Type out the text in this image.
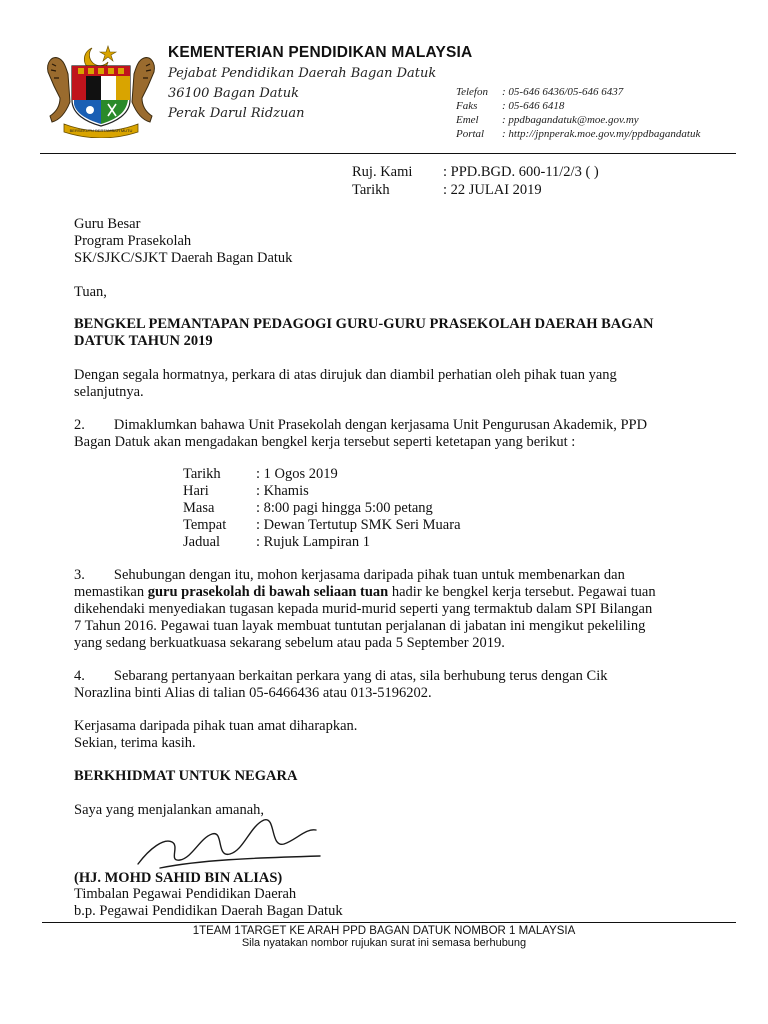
BERSEKUTU BERTAMBAH MUTU
KEMENTERIAN PENDIDIKAN MALAYSIA
Pejabat Pendidikan Daerah Bagan Datuk
36100 Bagan Datuk
Perak Darul Ridzuan
Telefon : 05-646 6436/05-646 6437
Faks : 05-646 6418
Emel : ppdbagandatuk@moe.gov.my
Portal : http://jpnperak.moe.gov.my/ppdbagandatuk
Ruj. Kami : PPD.BGD. 600-11/2/3 ( )
Tarikh	: 22 JULAI 2019
Guru Besar
Program Prasekolah
SK/SJKC/SJKT Daerah Bagan Datuk
Tuan,
BENGKEL PEMANTAPAN PEDAGOGI GURU-GURU PRASEKOLAH DAERAH BAGAN
DATUK TAHUN 2019
Dengan segala hormatnya, perkara di atas dirujuk dan diambil perhatian oleh pihak tuan yang
selanjutnya.
2.        Dimaklumkan bahawa Unit Prasekolah dengan kerjasama Unit Pengurusan Akademik, PPD
Bagan Datuk akan mengadakan bengkel kerja tersebut seperti ketetapan yang berikut :
Tarikh : 1 Ogos 2019
Hari	: Khamis
Masa	: 8:00 pagi hingga 5:00 petang
Tempat : Dewan Tertutup SMK Seri Muara
Jadual : Rujuk Lampiran 1
3.        Sehubungan dengan itu, mohon kerjasama daripada pihak tuan untuk membenarkan dan
memastikan guru prasekolah di bawah seliaan tuan hadir ke bengkel kerja tersebut. Pegawai tuan
dikehendaki menyediakan tugasan kepada murid-murid seperti yang termaktub dalam SPI Bilangan
7 Tahun 2016. Pegawai tuan layak membuat tuntutan perjalanan di jabatan ini mengikut pekeliling
yang sedang berkuatkuasa sekarang sebelum atau pada 5 September 2019.
4.        Sebarang pertanyaan berkaitan perkara yang di atas, sila berhubung terus dengan Cik
Norazlina binti Alias di talian 05-6466436 atau 013-5196202.
Kerjasama daripada pihak tuan amat diharapkan.
Sekian, terima kasih.
BERKHIDMAT UNTUK NEGARA
Saya yang menjalankan amanah,
(HJ. MOHD SAHID BIN ALIAS)
Timbalan Pegawai Pendidikan Daerah
b.p. Pegawai Pendidikan Daerah Bagan Datuk
1TEAM 1TARGET KE ARAH PPD BAGAN DATUK NOMBOR 1 MALAYSIA
Sila nyatakan nombor rujukan surat ini semasa berhubung
